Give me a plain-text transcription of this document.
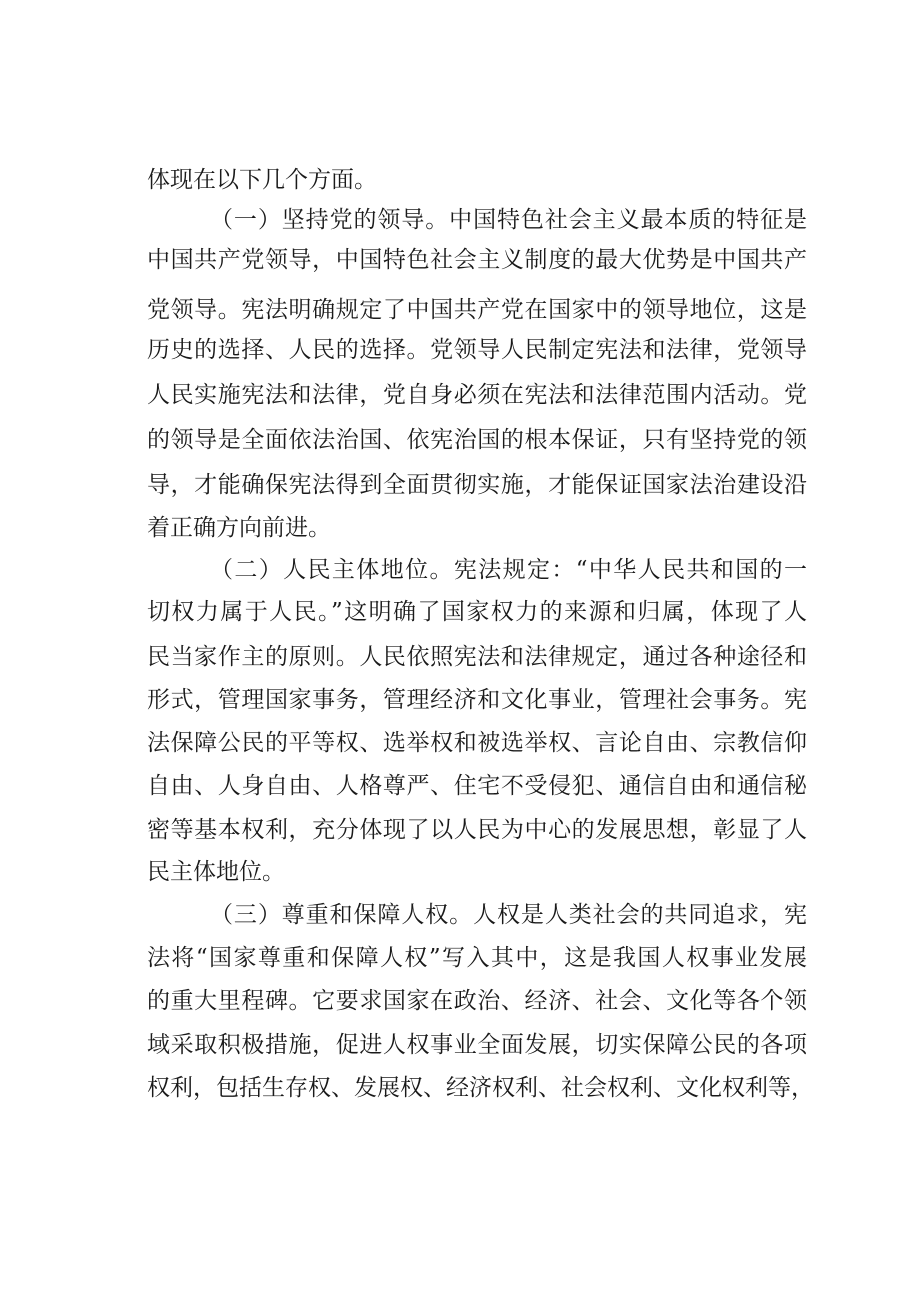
体现在以下几个方面。
（一）坚持党的领导。中国特色社会主义最本质的特征是
中国共产党领导，中国特色社会主义制度的最大优势是中国共产
党领导。宪法明确规定了中国共产党在国家中的领导地位，这是
历史的选择、人民的选择。党领导人民制定宪法和法律，党领导
人民实施宪法和法律，党自身必须在宪法和法律范围内活动。党
的领导是全面依法治国、依宪治国的根本保证，只有坚持党的领
导，才能确保宪法得到全面贯彻实施，才能保证国家法治建设沿
着正确方向前进。
（二）人民主体地位。宪法规定：“中华人民共和国的一
切权力属于人民。”这明确了国家权力的来源和归属，体现了人
民当家作主的原则。人民依照宪法和法律规定，通过各种途径和
形式，管理国家事务，管理经济和文化事业，管理社会事务。宪
法保障公民的平等权、选举权和被选举权、言论自由、宗教信仰
自由、人身自由、人格尊严、住宅不受侵犯、通信自由和通信秘
密等基本权利，充分体现了以人民为中心的发展思想，彰显了人
民主体地位。
（三）尊重和保障人权。人权是人类社会的共同追求，宪
法将“国家尊重和保障人权”写入其中，这是我国人权事业发展
的重大里程碑。它要求国家在政治、经济、社会、文化等各个领
域采取积极措施，促进人权事业全面发展，切实保障公民的各项
权利，包括生存权、发展权、经济权利、社会权利、文化权利等，
